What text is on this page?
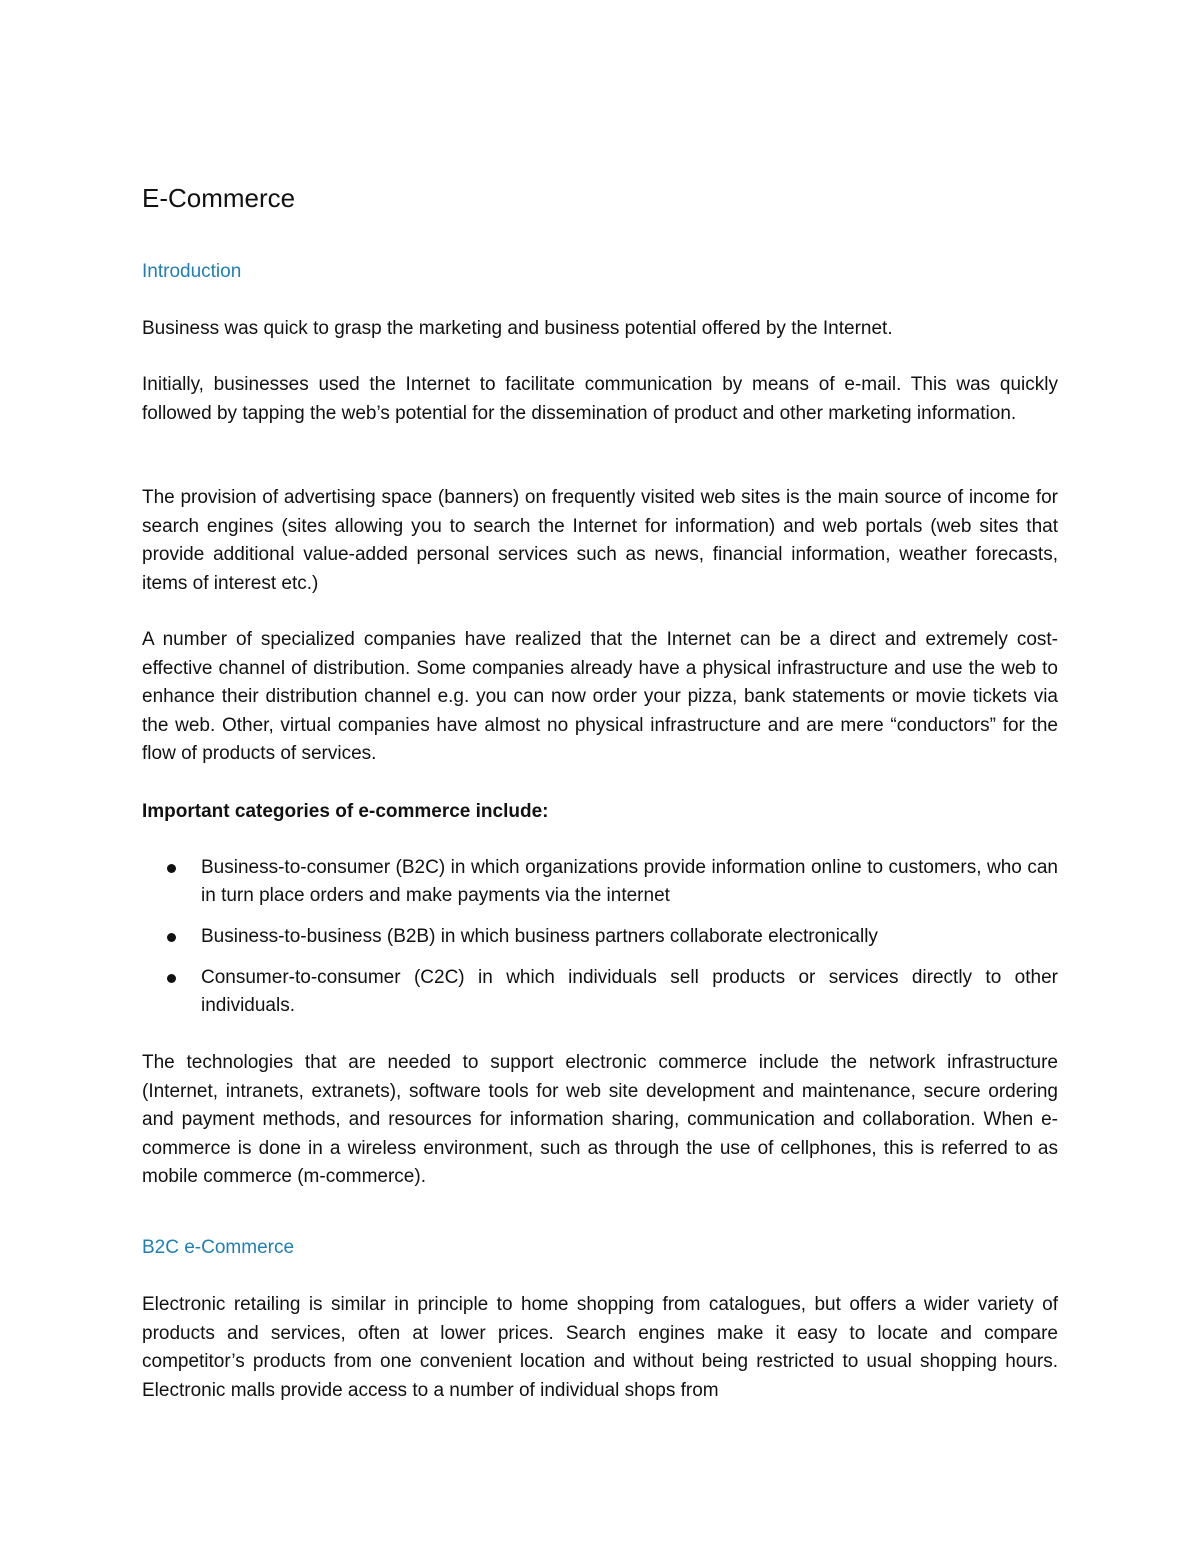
E-Commerce
Introduction

Business was quick to grasp the marketing and business potential offered by the Internet.

Initially, businesses used the Internet to facilitate communication by means of e-mail. This was quickly followed by tapping the web’s potential for the dissemination of product and other marketing information.

The provision of advertising space (banners) on frequently visited web sites is the main source of income for search engines (sites allowing you to search the Internet for information) and web portals (web sites that provide additional value-added personal services such as news, financial information, weather forecasts, items of interest etc.)

A number of specialized companies have realized that the Internet can be a direct and extremely cost-effective channel of distribution. Some companies already have a physical infrastructure and use the web to enhance their distribution channel e.g. you can now order your pizza, bank statements or movie tickets via the web. Other, virtual companies have almost no physical infrastructure and are mere “conductors” for the flow of products of services.

Important categories of e-commerce include:

Business-to-consumer (B2C) in which organizations provide information online to customers, who can in turn place orders and make payments via the internet
Business-to-business (B2B) in which business partners collaborate electronically
Consumer-to-consumer (C2C) in which individuals sell products or services directly to other individuals.

The technologies that are needed to support electronic commerce include the network infrastructure (Internet, intranets, extranets), software tools for web site development and maintenance, secure ordering and payment methods, and resources for information sharing, communication and collaboration. When e-commerce is done in a wireless environment, such as through the use of cellphones, this is referred to as mobile commerce (m-commerce).

B2C e-Commerce

Electronic retailing is similar in principle to home shopping from catalogues, but offers a wider variety of products and services, often at lower prices. Search engines make it easy to locate and compare competitor’s products from one convenient location and without being restricted to usual shopping hours. Electronic malls provide access to a number of individual shops from
